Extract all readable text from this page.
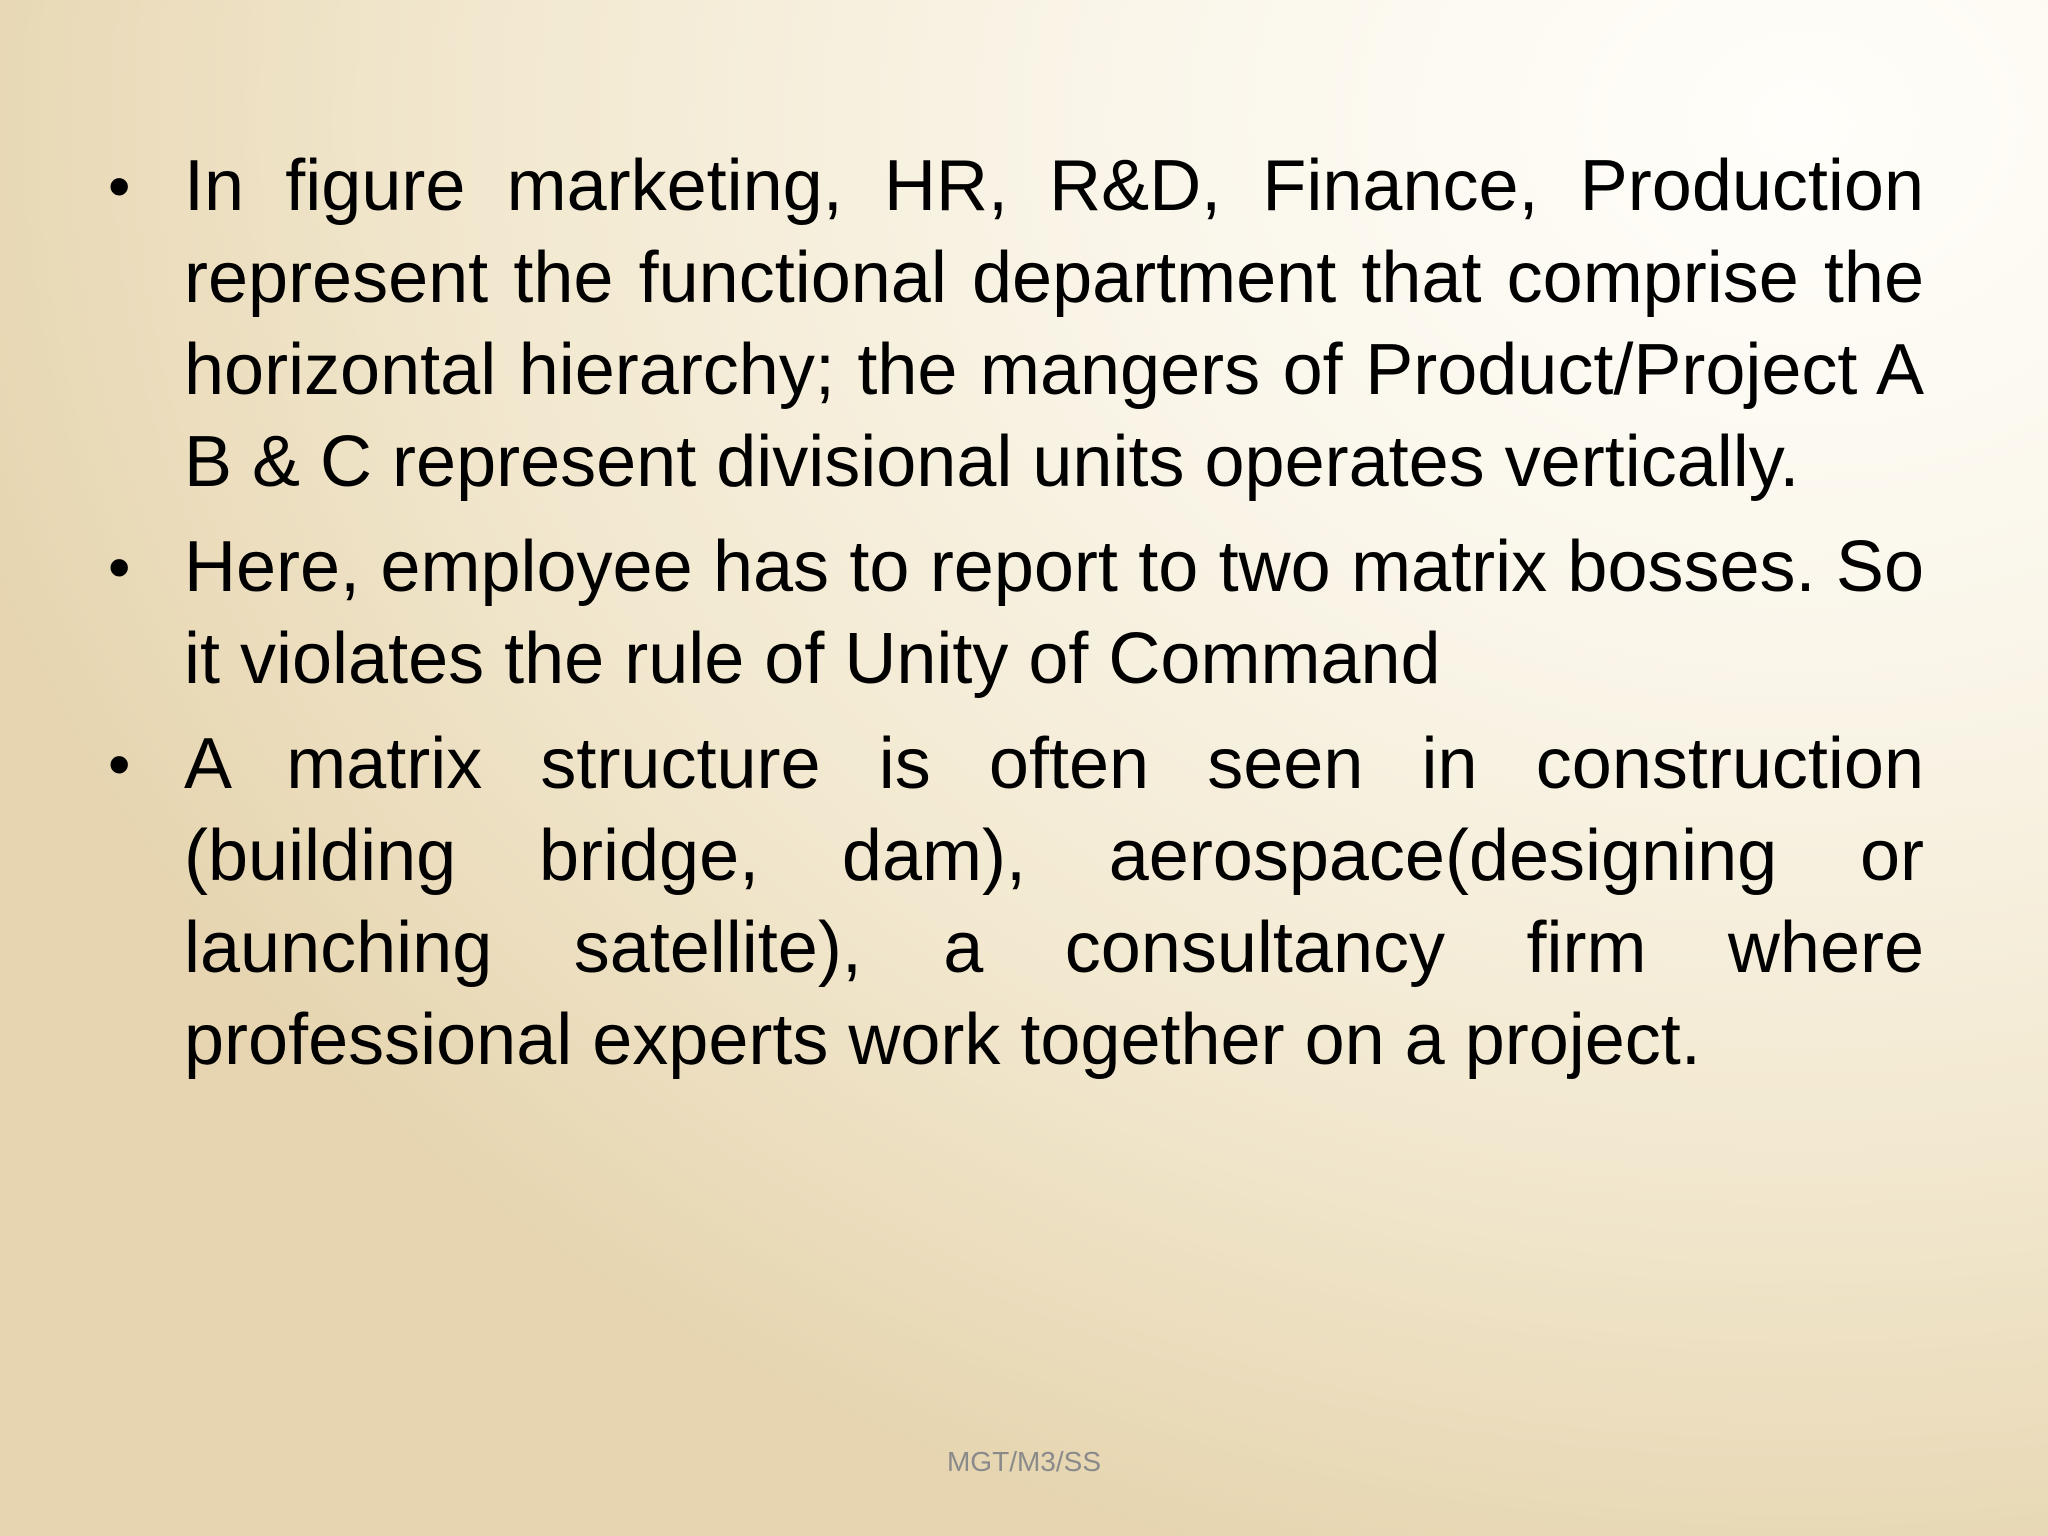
• In figure marketing, HR, R&D, Finance, Production represent the functional department that comprise the horizontal hierarchy; the mangers of Product/Project A B & C represent divisional units operates vertically.
• Here, employee has to report to two matrix bosses. So it violates the rule of Unity of Command
• A matrix structure is often seen in construction (building bridge, dam), aerospace(designing or launching satellite), a consultancy firm where professional experts work together on a project.
MGT/M3/SS
